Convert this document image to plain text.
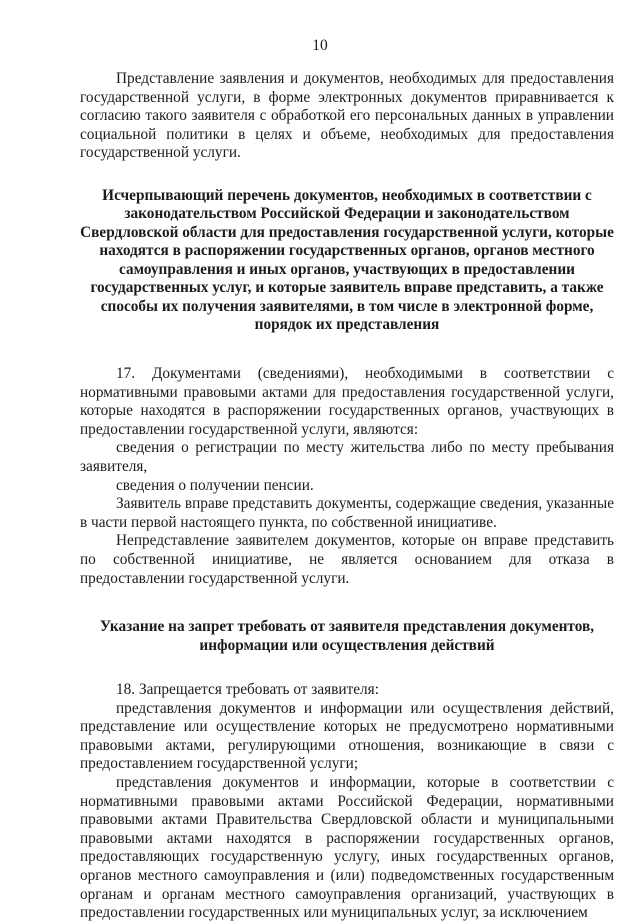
10

Представление заявления и документов, необходимых для предоставления государственной услуги, в форме электронных документов приравнивается к согласию такого заявителя с обработкой его персональных данных в управлении социальной политики в целях и объеме, необходимых для предоставления государственной услуги.

Исчерпывающий перечень документов, необходимых в соответствии с законодательством Российской Федерации и законодательством Свердловской области для предоставления государственной услуги, которые находятся в распоряжении государственных органов, органов местного самоуправления и иных органов, участвующих в предоставлении государственных услуг, и которые заявитель вправе представить, а также способы их получения заявителями, в том числе в электронной форме, порядок их представления

17. Документами (сведениями), необходимыми в соответствии с нормативными правовыми актами для предоставления государственной услуги, которые находятся в распоряжении государственных органов, участвующих в предоставлении государственной услуги, являются:

сведения о регистрации по месту жительства либо по месту пребывания заявителя,

сведения о получении пенсии.

Заявитель вправе представить документы, содержащие сведения, указанные в части первой настоящего пункта, по собственной инициативе.

Непредставление заявителем документов, которые он вправе представить по собственной инициативе, не является основанием для отказа в предоставлении государственной услуги.

Указание на запрет требовать от заявителя представления документов, информации или осуществления действий

18. Запрещается требовать от заявителя:

представления документов и информации или осуществления действий, представление или осуществление которых не предусмотрено нормативными правовыми актами, регулирующими отношения, возникающие в связи с предоставлением государственной услуги;

представления документов и информации, которые в соответствии с нормативными правовыми актами Российской Федерации, нормативными правовыми актами Правительства Свердловской области и муниципальными правовыми актами находятся в распоряжении государственных органов, предоставляющих государственную услугу, иных государственных органов, органов местного самоуправления и (или) подведомственных государственным органам и органам местного самоуправления организаций, участвующих в предоставлении государственных или муниципальных услуг, за исключением
